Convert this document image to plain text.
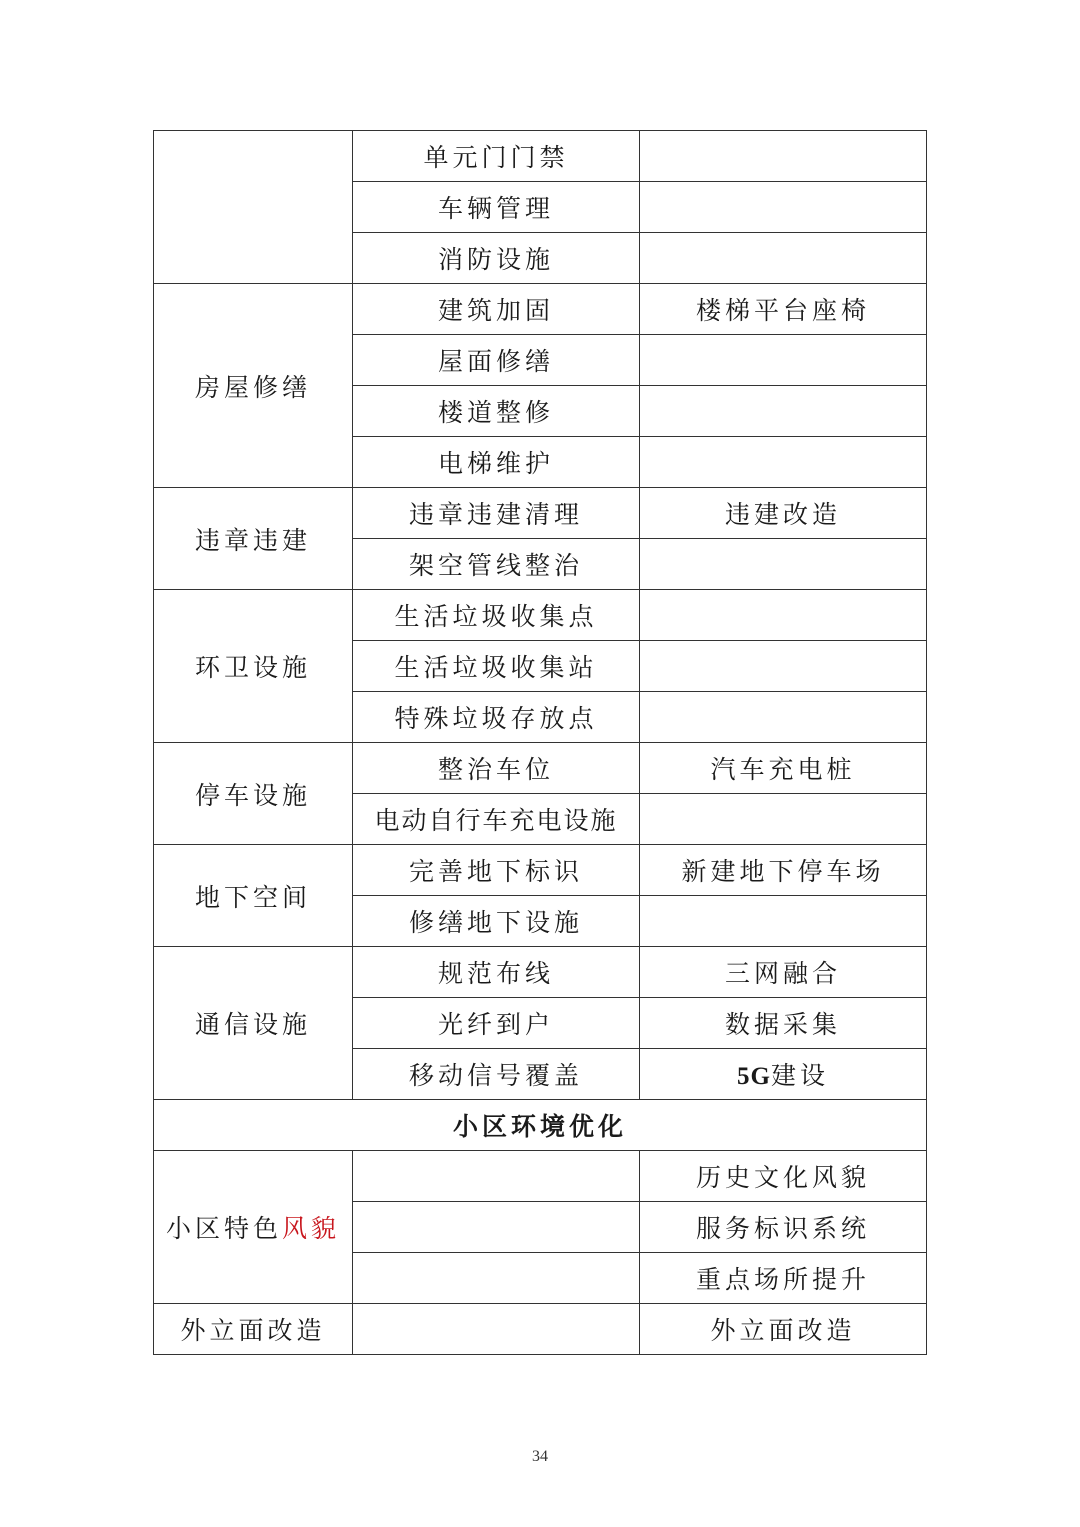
	单元门门禁	
	车辆管理	
	消防设施	
房屋修缮	建筑加固	楼梯平台座椅
	屋面修缮	
	楼道整修	
	电梯维护	
违章违建	违章违建清理	违建改造
	架空管线整治	
环卫设施	生活垃圾收集点	
	生活垃圾收集站	
	特殊垃圾存放点	
停车设施	整治车位	汽车充电桩
	电动自行车充电设施	
地下空间	完善地下标识	新建地下停车场
	修缮地下设施	
通信设施	规范布线	三网融合
	光纤到户	数据采集
	移动信号覆盖	5G建设
小区环境优化		
小区特色风貌		历史文化风貌
		服务标识系统
		重点场所提升
外立面改造		外立面改造
34
